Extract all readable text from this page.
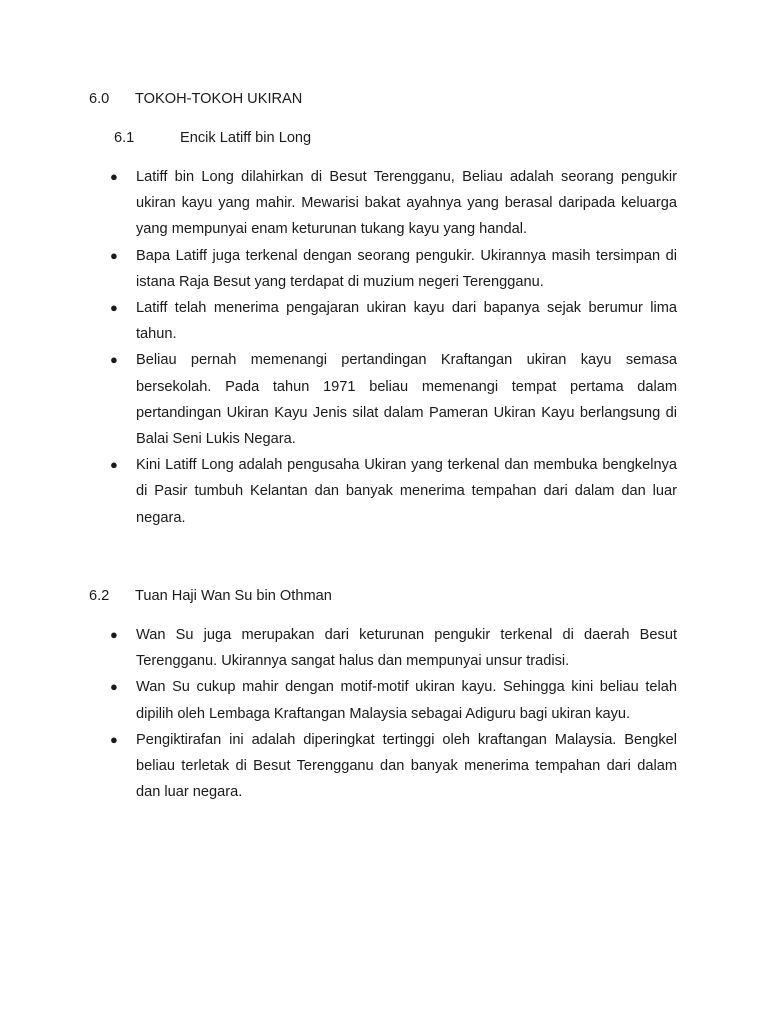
6.0 TOKOH-TOKOH UKIRAN
6.1	Encik Latiff bin Long
● Latiff bin Long dilahirkan di Besut Terengganu, Beliau adalah seorang pengukir ukiran kayu yang mahir. Mewarisi bakat ayahnya yang berasal daripada keluarga yang mempunyai enam keturunan tukang kayu yang handal.
● Bapa Latiff juga terkenal dengan seorang pengukir. Ukirannya masih tersimpan di istana Raja Besut yang terdapat di muzium negeri Terengganu.
● Latiff telah menerima pengajaran ukiran kayu dari bapanya sejak berumur lima tahun.
● Beliau pernah memenangi pertandingan Kraftangan ukiran kayu semasa bersekolah. Pada tahun 1971 beliau memenangi tempat pertama dalam pertandingan Ukiran Kayu Jenis silat dalam Pameran Ukiran Kayu berlangsung di Balai Seni Lukis Negara.
● Kini Latiff Long adalah pengusaha Ukiran yang terkenal dan membuka bengkelnya di Pasir tumbuh Kelantan dan banyak menerima tempahan dari dalam dan luar negara.
6.2 Tuan Haji Wan Su bin Othman
● Wan Su juga merupakan dari keturunan pengukir terkenal di daerah Besut Terengganu. Ukirannya sangat halus dan mempunyai unsur tradisi.
● Wan Su cukup mahir dengan motif-motif ukiran kayu. Sehingga kini beliau telah dipilih oleh Lembaga Kraftangan Malaysia sebagai Adiguru bagi ukiran kayu.
● Pengiktirafan ini adalah diperingkat tertinggi oleh kraftangan Malaysia. Bengkel beliau terletak di Besut Terengganu dan banyak menerima tempahan dari dalam dan luar negara.
